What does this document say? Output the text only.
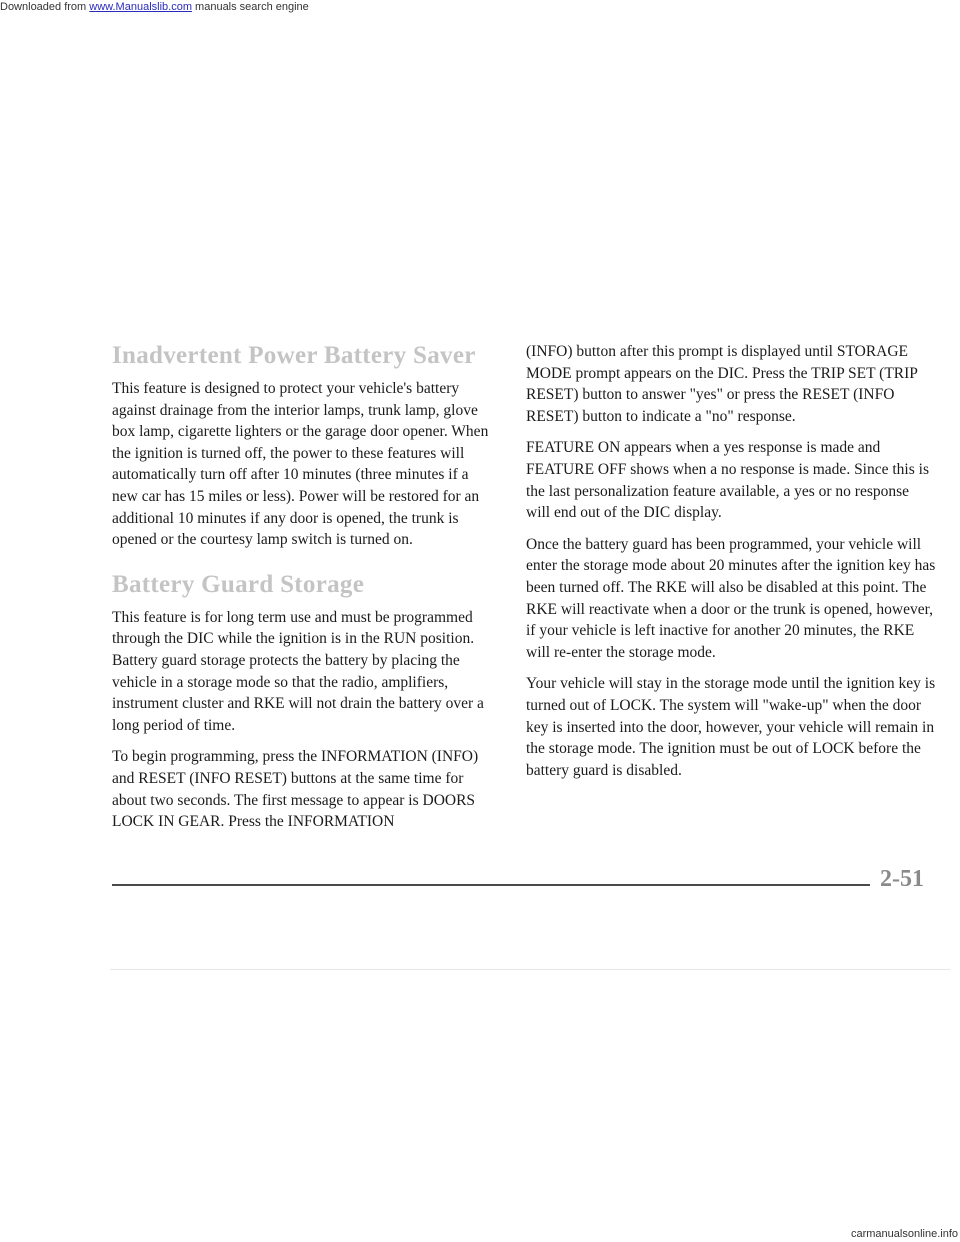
Downloaded from www.Manualslib.com manuals search engine
Inadvertent Power Battery Saver

This feature is designed to protect your vehicle's battery against drainage from the interior lamps, trunk lamp, glove box lamp, cigarette lighters or the garage door opener. When the ignition is turned off, the power to these features will automatically turn off after 10 minutes (three minutes if a new car has 15 miles or less). Power will be restored for an additional 10 minutes if any door is opened, the trunk is opened or the courtesy lamp switch is turned on.

Battery Guard Storage

This feature is for long term use and must be programmed through the DIC while the ignition is in the RUN position. Battery guard storage protects the battery by placing the vehicle in a storage mode so that the radio, amplifiers, instrument cluster and RKE will not drain the battery over a long period of time.

To begin programming, press the INFORMATION (INFO) and RESET (INFO RESET) buttons at the same time for about two seconds. The first message to appear is DOORS LOCK IN GEAR. Press the INFORMATION

(INFO) button after this prompt is displayed until STORAGE MODE prompt appears on the DIC. Press the TRIP SET (TRIP RESET) button to answer "yes" or press the RESET (INFO RESET) button to indicate a "no" response.

FEATURE ON appears when a yes response is made and FEATURE OFF shows when a no response is made. Since this is the last personalization feature available, a yes or no response will end out of the DIC display.

Once the battery guard has been programmed, your vehicle will enter the storage mode about 20 minutes after the ignition key has been turned off. The RKE will also be disabled at this point. The RKE will reactivate when a door or the trunk is opened, however, if your vehicle is left inactive for another 20 minutes, the RKE will re-enter the storage mode.

Your vehicle will stay in the storage mode until the ignition key is turned out of LOCK. The system will "wake-up" when the door key is inserted into the door, however, your vehicle will remain in the storage mode. The ignition must be out of LOCK before the battery guard is disabled.

2-51
carmanualsonline.info
